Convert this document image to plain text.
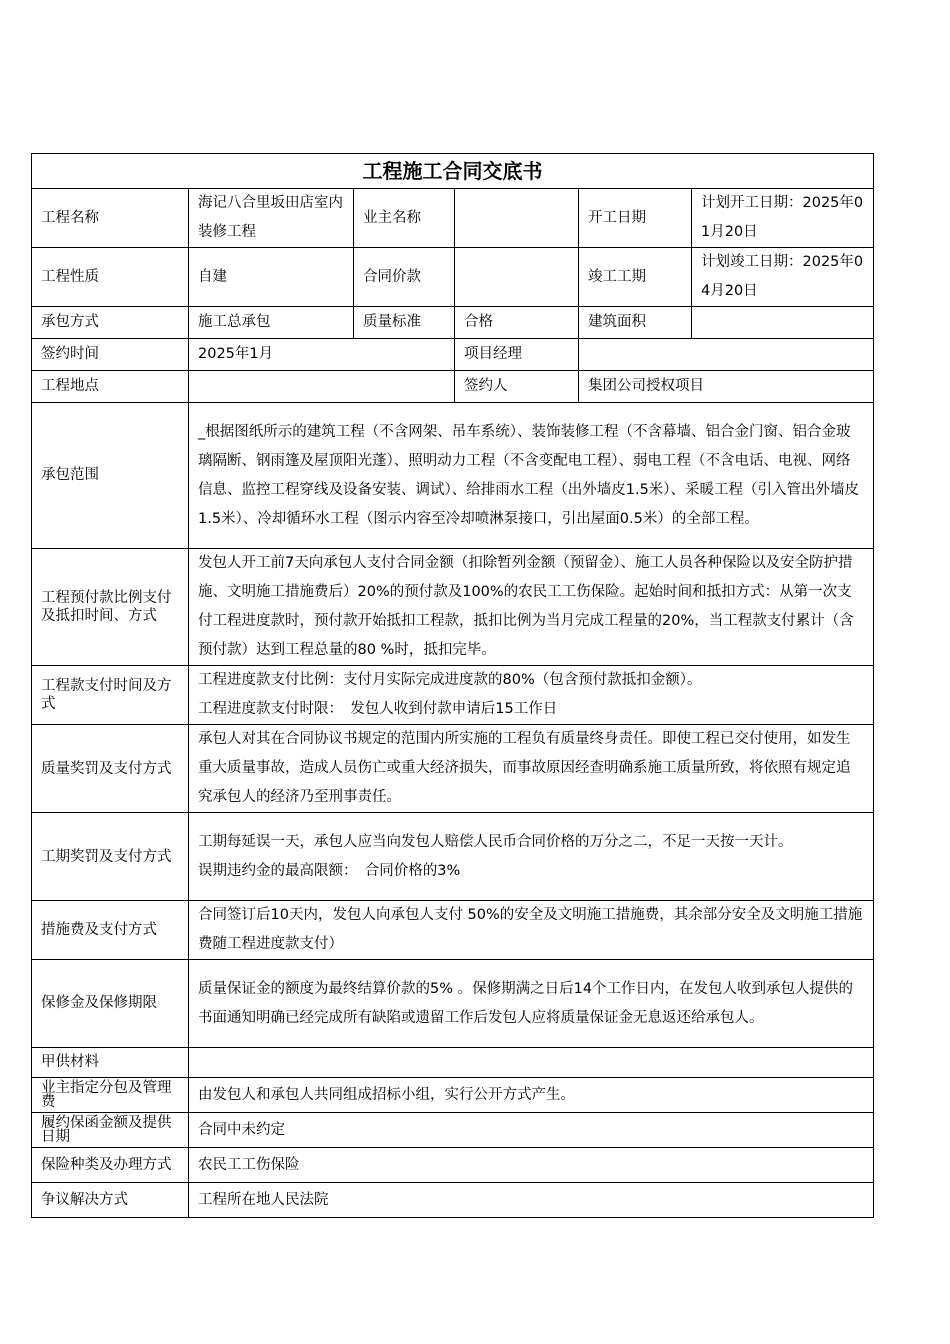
工程施工合同交底书					
工程名称	海记八合里坂田店室内装修工程	业主名称		开工日期	计划开工日期：2025年01月20日
工程性质	自建	合同价款		竣工工期	计划竣工日期：2025年04月20日
承包方式	施工总承包	质量标准	合格	建筑面积	
签约时间	2025年1月		项目经理		
工程地点			签约人	集团公司授权项目	
承包范围	_根据图纸所示的建筑工程（不含网架、吊车系统）、装饰装修工程（不含幕墙、铝合金门窗、铝合金玻璃隔断、钢雨篷及屋顶阳光蓬）、照明动力工程（不含变配电工程）、弱电工程（不含电话、电视、网络信息、监控工程穿线及设备安装、调试）、给排雨水工程（出外墙皮1.5米）、采暖工程（引入管出外墙皮1.5米）、冷却循环水工程（图示内容至冷却喷淋泵接口，引出屋面0.5米）的全部工程。				
工程预付款比例支付及抵扣时间、方式	发包人开工前7天向承包人支付合同金额（扣除暂列金额（预留金）、施工人员各种保险以及安全防护措施、文明施工措施费后）20%的预付款及100%的农民工工伤保险。起始时间和抵扣方式：从第一次支付工程进度款时，预付款开始抵扣工程款，抵扣比例为当月完成工程量的20%，当工程款支付累计（含预付款）达到工程总量的80 %时，抵扣完毕。				
工程款支付时间及方式	工程进度款支付比例：支付月实际完成进度款的80%（包含预付款抵扣金额）。
工程进度款支付时限：　发包人收到付款申请后15工作日				

质量奖罚及支付方式	承包人对其在合同协议书规定的范围内所实施的工程负有质量终身责任。即使工程已交付使用，如发生重大质量事故，造成人员伤亡或重大经济损失，而事故原因经查明确系施工质量所致，将依照有规定追究承包人的经济乃至刑事责任。				
工期奖罚及支付方式	工期每延误一天，承包人应当向发包人赔偿人民币合同价格的万分之二，不足一天按一天计。
误期违约金的最高限额：　合同价格的3%				

措施费及支付方式	合同签订后10天内，发包人向承包人支付 50%的安全及文明施工措施费，其余部分安全及文明施工措施费随工程进度款支付）				
保修金及保修期限	质量保证金的额度为最终结算价款的5% 。保修期满之日后14个工作日内，在发包人收到承包人提供的书面通知明确已经完成所有缺陷或遗留工作后发包人应将质量保证金无息返还给承包人。				
甲供材料					
业主指定分包及管理费	由发包人和承包人共同组成招标小组，实行公开方式产生。				
履约保函金额及提供日期	合同中未约定				
保险种类及办理方式	农民工工伤保险				
争议解决方式	工程所在地人民法院				
